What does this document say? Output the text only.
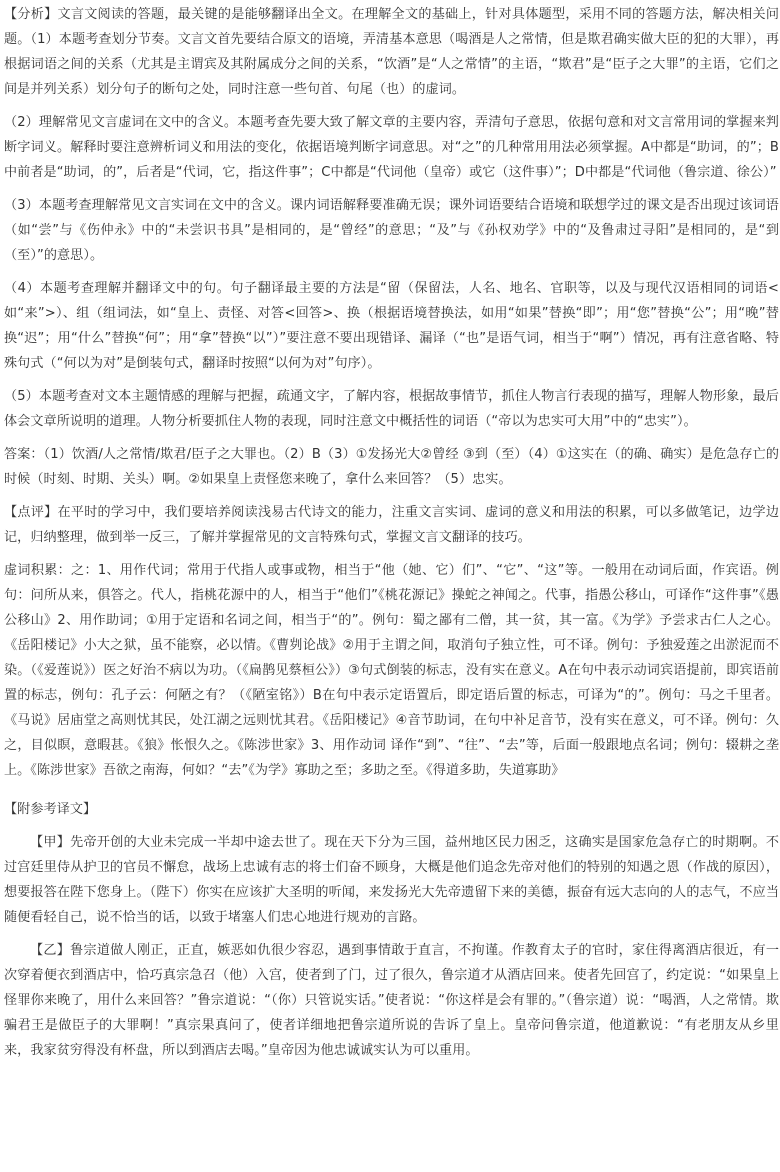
【分析】文言文阅读的答题，最关键的是能够翻译出全文。在理解全文的基础上，针对具体题型，采用不同的答题方法，解决相关问题。（1）本题考查划分节奏。文言文首先要结合原文的语境，弄清基本意思（喝酒是人之常情，但是欺君确实做大臣的犯的大罪），再根据词语之间的关系（尤其是主谓宾及其附属成分之间的关系，“饮酒”是“人之常情”的主语，“欺君”是“臣子之大罪”的主语，它们之间是并列关系）划分句子的断句之处，同时注意一些句首、句尾（也）的虚词。

（2）理解常见文言虚词在文中的含义。本题考查先要大致了解文章的主要内容，弄清句子意思，依据句意和对文言常用词的掌握来判断字词义。解释时要注意辨析词义和用法的变化，依据语境判断字词意思。对“之”的几种常用用法必须掌握。A中都是“助词，的”；B中前者是“助词，的”，后者是“代词，它，指这件事”；C中都是“代词他（皇帝）或它（这件事）”；D中都是“代词他（鲁宗道、徐公）”

（3）本题考查理解常见文言实词在文中的含义。课内词语解释要准确无误；课外词语要结合语境和联想学过的课文是否出现过该词语（如“尝”与《伤仲永》中的“未尝识书具”是相同的，是“曾经”的意思；“及”与《孙权劝学》中的“及鲁肃过寻阳”是相同的，是“到（至）”的意思）。

（4）本题考查理解并翻译文中的句。句子翻译最主要的方法是“留（保留法，人名、地名、官职等，以及与现代汉语相同的词语<如“来”>）、组（组词法，如“皇上、责怪、对答<回答>、换（根据语境替换法，如用“如果”替换“即”；用“您”替换“公”；用“晚”替换“迟”；用“什么”替换“何”；用“拿”替换“以”）”要注意不要出现错译、漏译（“也”是语气词，相当于“啊”）情况，再有注意省略、特殊句式（“何以为对”是倒装句式，翻译时按照“以何为对”句序）。

（5）本题考查对文本主题情感的理解与把握，疏通文字，了解内容，根据故事情节，抓住人物言行表现的描写，理解人物形象，最后体会文章所说明的道理。人物分析要抓住人物的表现，同时注意文中概括性的词语（“帝以为忠实可大用”中的“忠实”）。

答案：（1）饮酒/人之常情/欺君/臣子之大罪也。（2）B（3）①发扬光大②曾经 ③到（至）（4）①这实在（的确、确实）是危急存亡的时候（时刻、时期、关头）啊。②如果皇上责怪您来晚了，拿什么来回答？（5）忠实。

【点评】在平时的学习中，我们要培养阅读浅易古代诗文的能力，注重文言实词、虚词的意义和用法的积累，可以多做笔记，边学边记，归纳整理，做到举一反三，了解并掌握常见的文言特殊句式，掌握文言文翻译的技巧。

虚词积累：之：1、用作代词；常用于代指人或事或物，相当于“他（她、它）们”、“它”、“这”等。一般用在动词后面，作宾语。例句：问所从来，俱答之。代人，指桃花源中的人，相当于“他们”《桃花源记》操蛇之神闻之。代事，指愚公移山，可译作“这件事”《愚公移山》2、用作助词；①用于定语和名词之间，相当于“的”。例句：蜀之鄙有二僧，其一贫，其一富。《为学》予尝求古仁人之心。《岳阳楼记》小大之狱，虽不能察，必以情。《曹刿论战》②用于主谓之间，取消句子独立性，可不译。例句：予独爱莲之出淤泥而不染。（《爱莲说》）医之好治不病以为功。（《扁鹊见蔡桓公》）③句式倒装的标志，没有实在意义。A在句中表示动词宾语提前，即宾语前置的标志，例句：孔子云：何陋之有？（《陋室铭》）B在句中表示定语置后，即定语后置的标志，可译为“的”。例句：马之千里者。《马说》居庙堂之高则忧其民，处江湖之远则忧其君。《岳阳楼记》④音节助词，在句中补足音节，没有实在意义，可不译。例句：久之，目似瞑，意暇甚。《狼》怅恨久之。《陈涉世家》3、用作动词 译作“到”、“往”、“去”等，后面一般跟地点名词；例句：辍耕之垄上。《陈涉世家》吾欲之南海，何如？“去”《为学》寡助之至；多助之至。《得道多助，失道寡助》

【附参考译文】

【甲】先帝开创的大业未完成一半却中途去世了。现在天下分为三国，益州地区民力困乏，这确实是国家危急存亡的时期啊。不过宫廷里侍从护卫的官员不懈怠，战场上忠诚有志的将士们奋不顾身，大概是他们追念先帝对他们的特别的知遇之恩（作战的原因），想要报答在陛下您身上。（陛下）你实在应该扩大圣明的听闻，来发扬光大先帝遗留下来的美德，振奋有远大志向的人的志气，不应当随便看轻自己，说不恰当的话，以致于堵塞人们忠心地进行规劝的言路。

【乙】鲁宗道做人刚正，正直，嫉恶如仇很少容忍，遇到事情敢于直言，不拘谨。作教育太子的官时，家住得离酒店很近，有一次穿着便衣到酒店中，恰巧真宗急召（他）入宫，使者到了门，过了很久，鲁宗道才从酒店回来。使者先回宫了，约定说：“如果皇上怪罪你来晚了，用什么来回答？”鲁宗道说：“（你）只管说实话。”使者说：“你这样是会有罪的。”（鲁宗道）说：“喝酒，人之常情。欺骗君王是做臣子的大罪啊！”真宗果真问了，使者详细地把鲁宗道所说的告诉了皇上。皇帝问鲁宗道，他道歉说：“有老朋友从乡里来，我家贫穷得没有杯盘，所以到酒店去喝。”皇帝因为他忠诚诚实认为可以重用。
